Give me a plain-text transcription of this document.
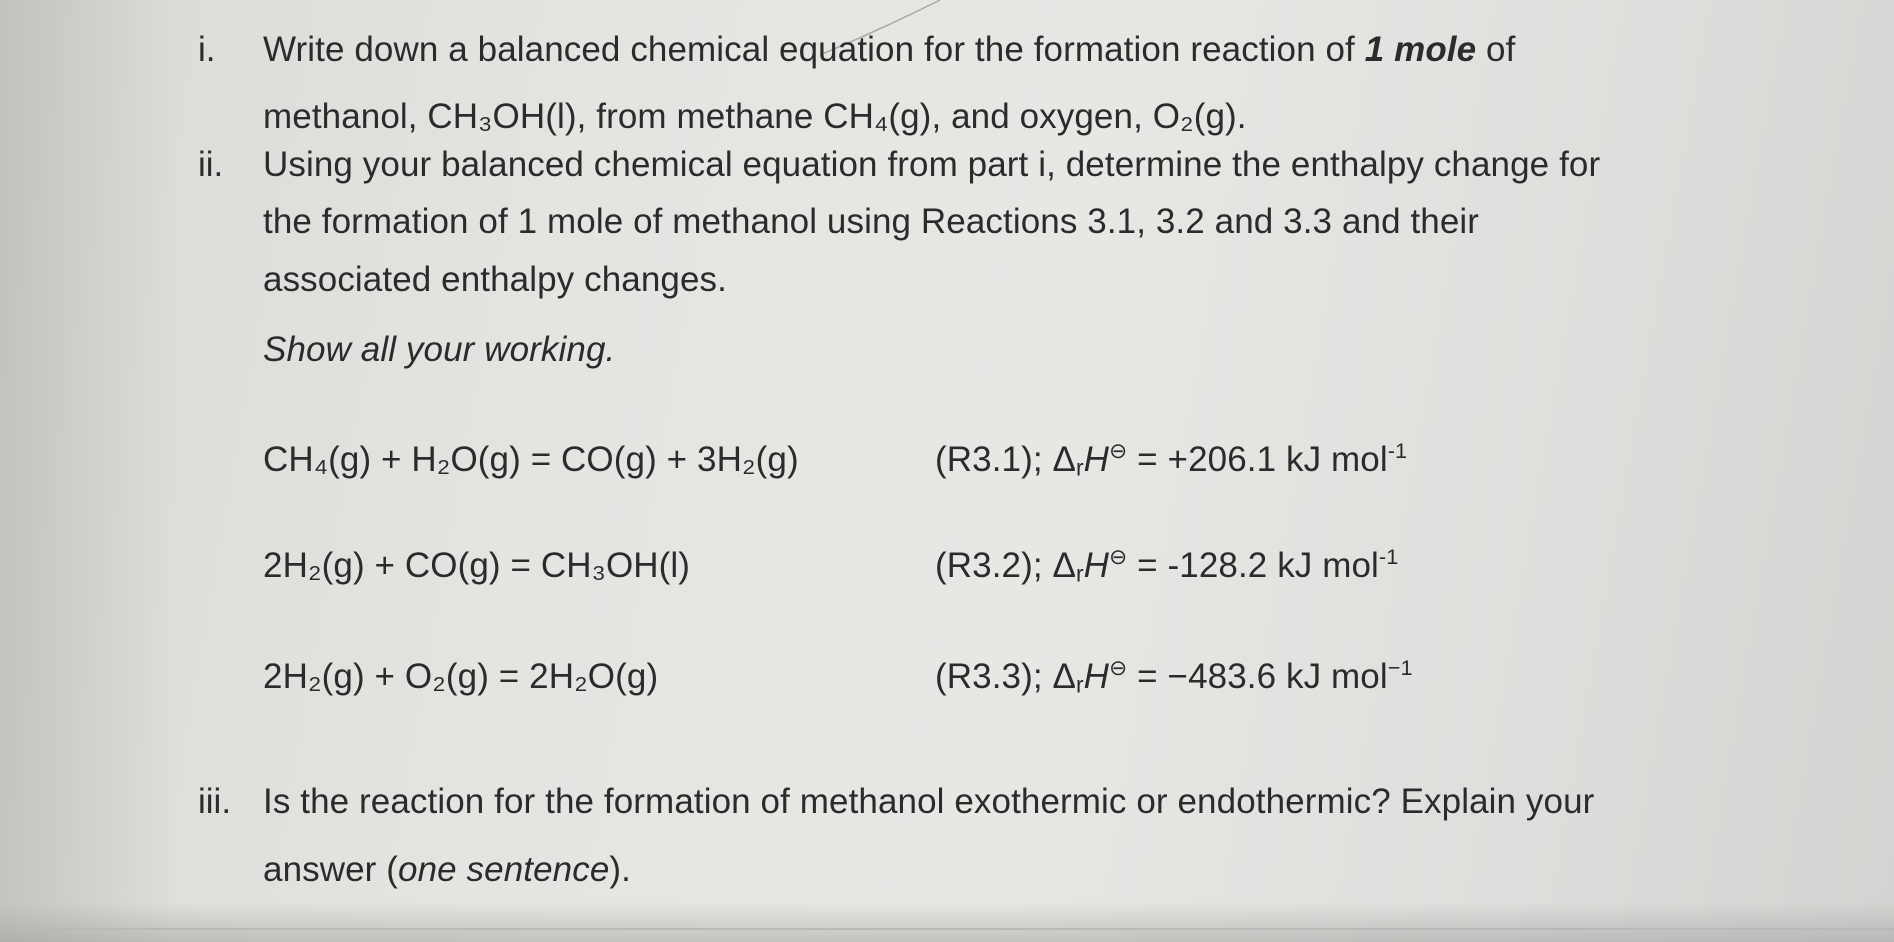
i. Write down a balanced chemical equation for the formation reaction of 1 mole of
methanol, CH₃OH(l), from methane CH₄(g), and oxygen, O₂(g).
ii. Using your balanced chemical equation from part i, determine the enthalpy change for
the formation of 1 mole of methanol using Reactions 3.1, 3.2 and 3.3 and their
associated enthalpy changes.
Show all your working.
CH₄(g) + H₂O(g) = CO(g) + 3H₂(g)	(R3.1); ΔrH⊖ = +206.1 kJ mol$^{-1}$
2H₂(g) + CO(g) = CH₃OH(l)	(R3.2); ΔrH⊖ = -128.2 kJ mol$^{-1}$
2H₂(g) + O₂(g) = 2H₂O(g)	(R3.3); ΔrH⊖ = −483.6 kJ mol$^{-1}$
iii. Is the reaction for the formation of methanol exothermic or endothermic? Explain your
answer (one sentence).
